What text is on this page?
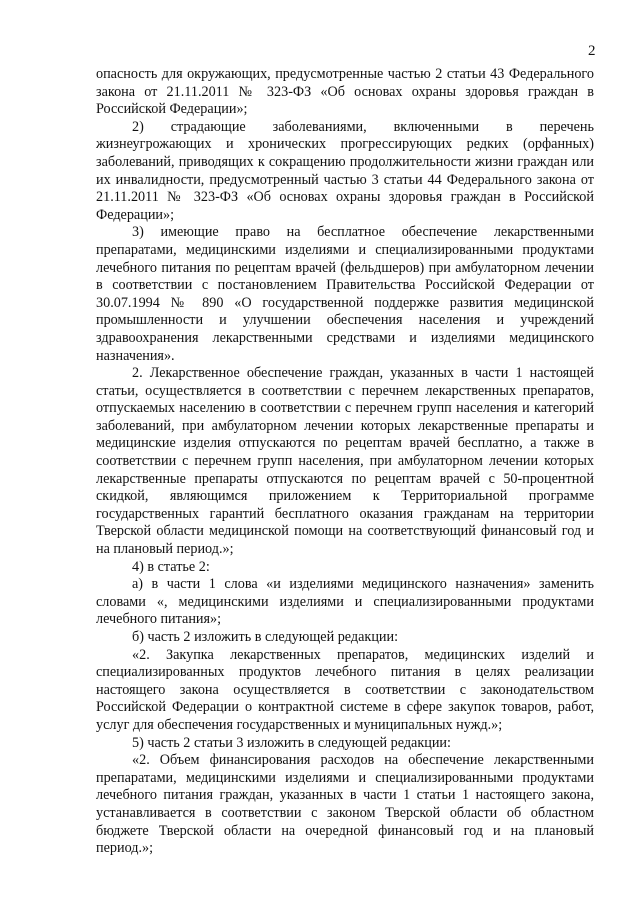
2

опасность для окружающих, предусмотренные частью 2 статьи 43 Федерального закона от 21.11.2011 № 323-ФЗ «Об основах охраны здоровья граждан в Российской Федерации»;

2) страдающие заболеваниями, включенными в перечень жизнеугрожающих и хронических прогрессирующих редких (орфанных) заболеваний, приводящих к сокращению продолжительности жизни граждан или их инвалидности, предусмотренный частью 3 статьи 44 Федерального закона от 21.11.2011 № 323-ФЗ «Об основах охраны здоровья граждан в Российской Федерации»;

3) имеющие право на бесплатное обеспечение лекарственными препаратами, медицинскими изделиями и специализированными продуктами лечебного питания по рецептам врачей (фельдшеров) при амбулаторном лечении в соответствии с постановлением Правительства Российской Федерации от 30.07.1994 № 890 «О государственной поддержке развития медицинской промышленности и улучшении обеспечения населения и учреждений здравоохранения лекарственными средствами и изделиями медицинского назначения».

2. Лекарственное обеспечение граждан, указанных в части 1 настоящей статьи, осуществляется в соответствии с перечнем лекарственных препаратов, отпускаемых населению в соответствии с перечнем групп населения и категорий заболеваний, при амбулаторном лечении которых лекарственные препараты и медицинские изделия отпускаются по рецептам врачей бесплатно, а также в соответствии с перечнем групп населения, при амбулаторном лечении которых лекарственные препараты отпускаются по рецептам врачей с 50-процентной скидкой, являющимся приложением к Территориальной программе государственных гарантий бесплатного оказания гражданам на территории Тверской области медицинской помощи на соответствующий финансовый год и на плановый период.»;

4) в статье 2:

а) в части 1 слова «и изделиями медицинского назначения» заменить словами «, медицинскими изделиями и специализированными продуктами лечебного питания»;

б) часть 2 изложить в следующей редакции:

«2. Закупка лекарственных препаратов, медицинских изделий и специализированных продуктов лечебного питания в целях реализации настоящего закона осуществляется в соответствии с законодательством Российской Федерации о контрактной системе в сфере закупок товаров, работ, услуг для обеспечения государственных и муниципальных нужд.»;

5) часть 2 статьи 3 изложить в следующей редакции:

«2. Объем финансирования расходов на обеспечение лекарственными препаратами, медицинскими изделиями и специализированными продуктами лечебного питания граждан, указанных в части 1 статьи 1 настоящего закона, устанавливается в соответствии с законом Тверской области об областном бюджете Тверской области на очередной финансовый год и на плановый период.»;
